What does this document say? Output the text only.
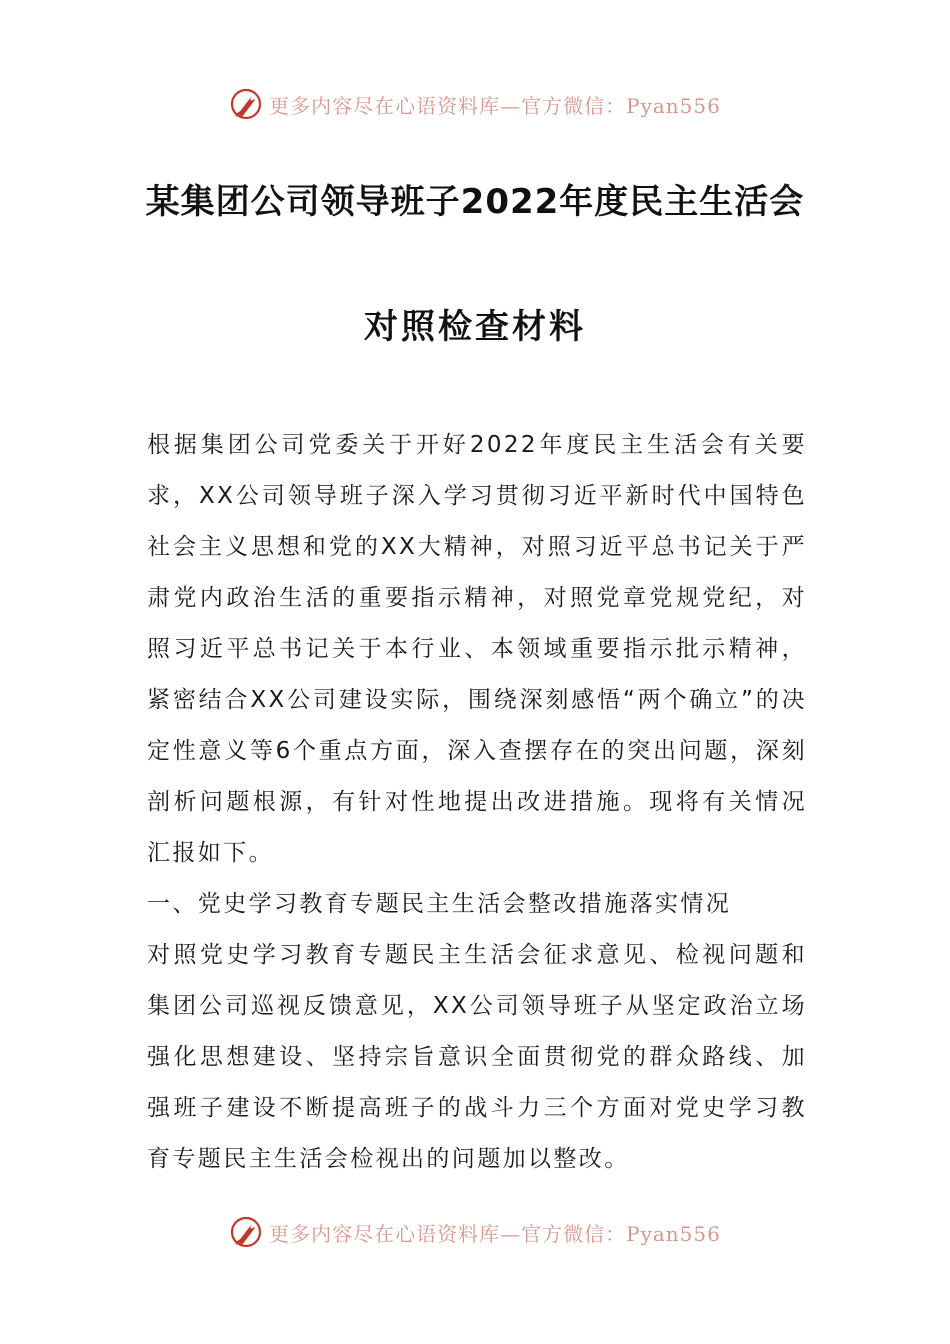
更多内容尽在心语资料库—官方微信：Pyan556
某集团公司领导班子2022年度民主生活会
对照检查材料

根据集团公司党委关于开好2022年度民主生活会有关要求，XX公司领导班子深入学习贯彻习近平新时代中国特色社会主义思想和党的XX大精神，对照习近平总书记关于严肃党内政治生活的重要指示精神，对照党章党规党纪，对照习近平总书记关于本行业、本领域重要指示批示精神，紧密结合XX公司建设实际，围绕深刻感悟“两个确立”的决定性意义等6个重点方面，深入查摆存在的突出问题，深刻剖析问题根源，有针对性地提出改进措施。现将有关情况汇报如下。

一、党史学习教育专题民主生活会整改措施落实情况

对照党史学习教育专题民主生活会征求意见、检视问题和集团公司巡视反馈意见，XX公司领导班子从坚定政治立场强化思想建设、坚持宗旨意识全面贯彻党的群众路线、加强班子建设不断提高班子的战斗力三个方面对党史学习教育专题民主生活会检视出的问题加以整改。

更多内容尽在心语资料库—官方微信：Pyan556
